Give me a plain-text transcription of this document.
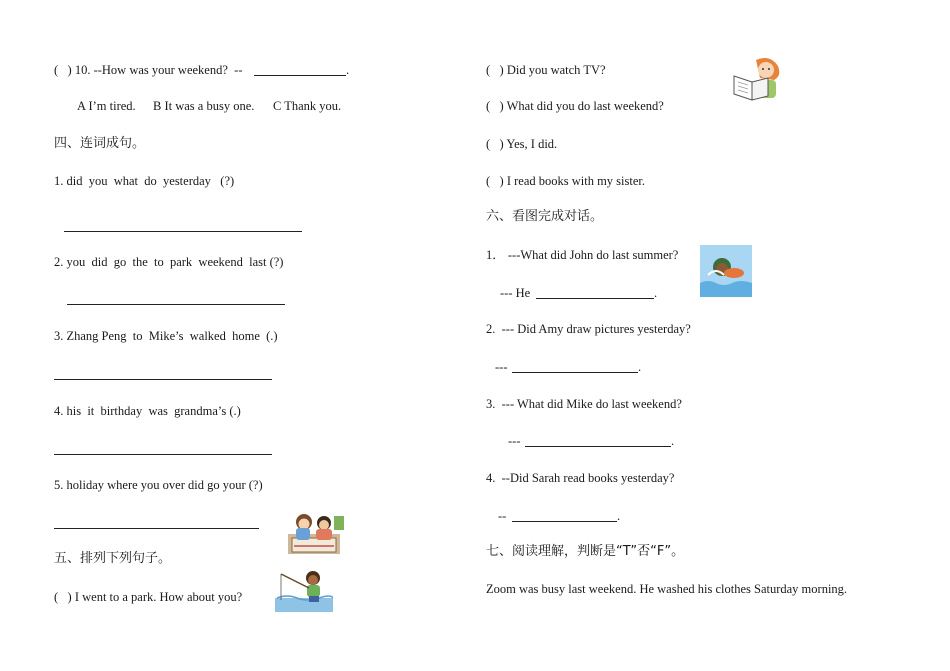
(   ) 10. --How was your weekend?  --	.
A I’m tired. B It was a busy one. C Thank you.
四、连词成句。
1. did  you  what  do  yesterday   (?)
2. you  did  go  the  to  park  weekend  last (?)
3. Zhang Peng  to  Mike’s  walked  home  (.)
4. his  it  birthday  was  grandma’s (.)
5. holiday where you over did go your (?)
五、排列下列句子。
(   ) I went to a park. How about you?
(   ) Did you watch TV?
(   ) What did you do last weekend?
(   ) Yes, I did.
(   ) I read books with my sister.
六、看图完成对话。
1． ---What did John do last summer?
--- He	.
2.  --- Did Amy draw pictures yesterday?
---	.
3.  --- What did Mike do last weekend?
---	.
4.  --Did Sarah read books yesterday?
--	.
七、阅读理解，判断是“T”否“F”。
Zoom was busy last weekend. He washed his clothes Saturday morning.
